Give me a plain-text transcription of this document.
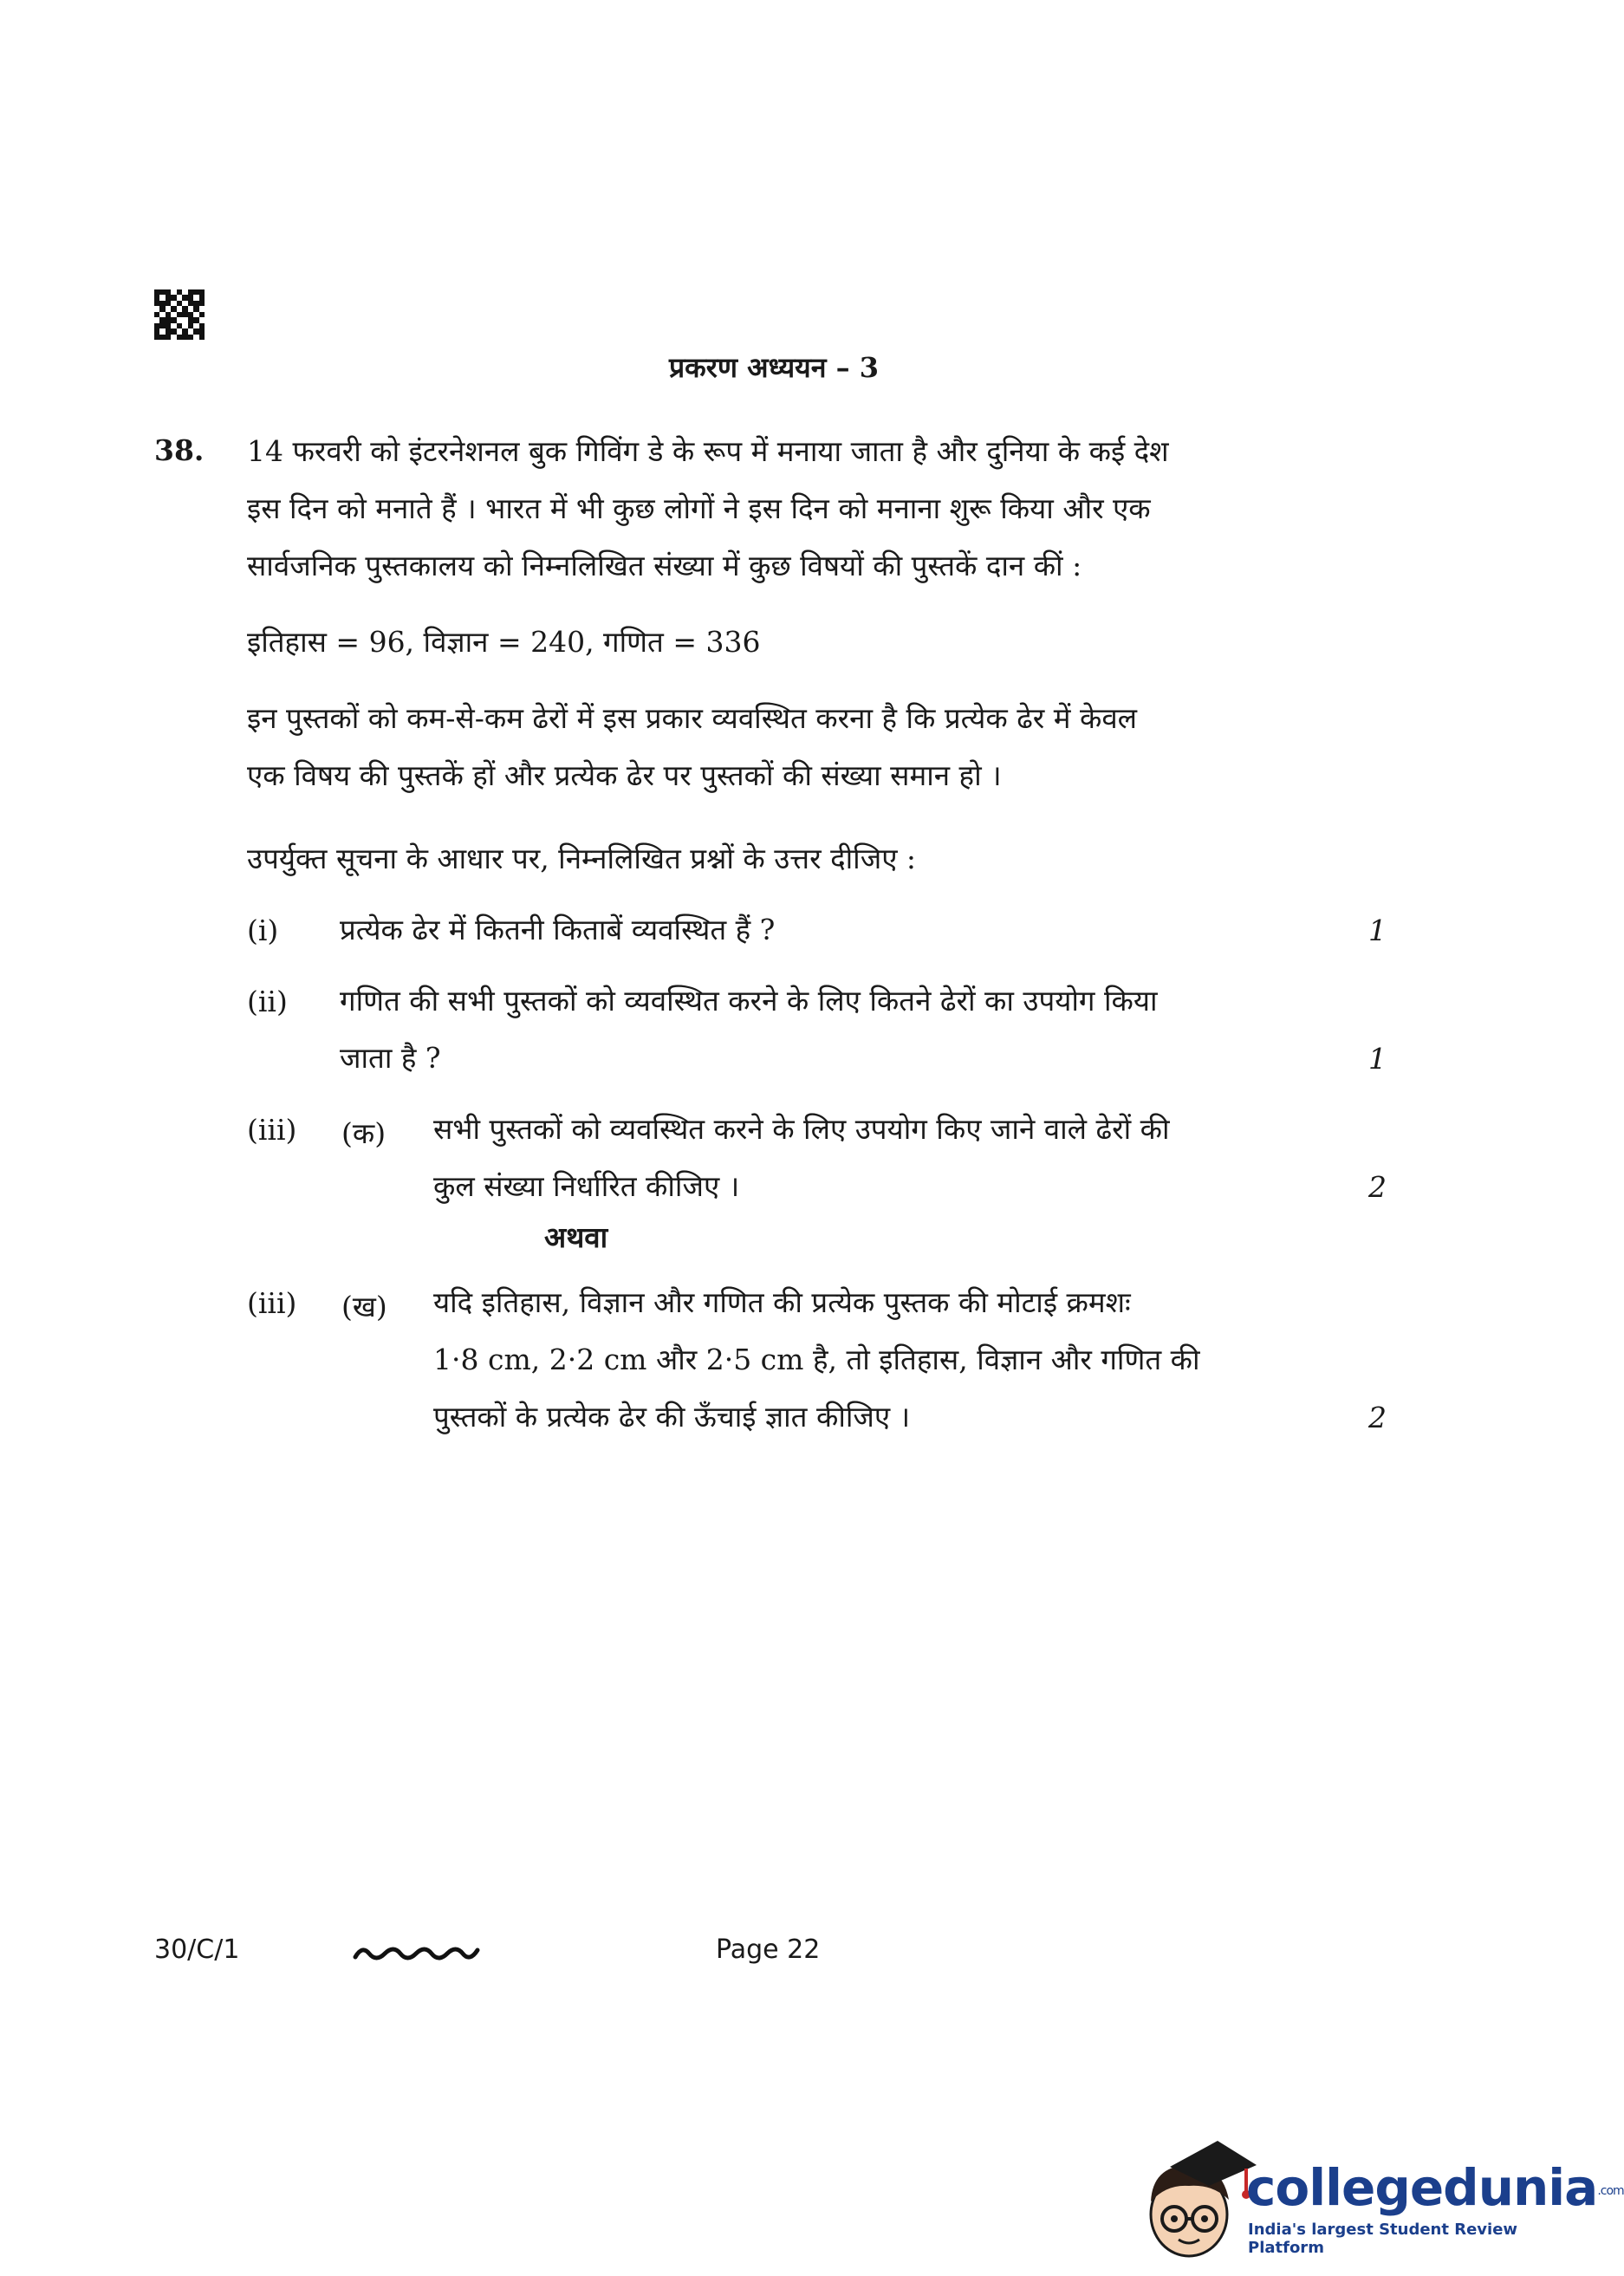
प्रकरण अध्ययन – 3
38. 14 फरवरी को इंटरनेशनल बुक गिविंग डे के रूप में मनाया जाता है और दुनिया के कई देश
इस दिन को मनाते हैं । भारत में भी कुछ लोगों ने इस दिन को मनाना शुरू किया और एक
सार्वजनिक पुस्तकालय को निम्नलिखित संख्या में कुछ विषयों की पुस्तकें दान कीं :
इतिहास = 96, विज्ञान = 240, गणित = 336
इन पुस्तकों को कम-से-कम ढेरों में इस प्रकार व्यवस्थित करना है कि प्रत्येक ढेर में केवल
एक विषय की पुस्तकें हों और प्रत्येक ढेर पर पुस्तकों की संख्या समान हो ।
उपर्युक्त सूचना के आधार पर, निम्नलिखित प्रश्नों के उत्तर दीजिए :
(i) प्रत्येक ढेर में कितनी किताबें व्यवस्थित हैं ?	1
(ii) गणित की सभी पुस्तकों को व्यवस्थित करने के लिए कितने ढेरों का उपयोग किया
जाता है ?	1
(iii) (क) सभी पुस्तकों को व्यवस्थित करने के लिए उपयोग किए जाने वाले ढेरों की
कुल संख्या निर्धारित कीजिए ।	2
अथवा
(iii) (ख) यदि इतिहास, विज्ञान और गणित की प्रत्येक पुस्तक की मोटाई क्रमशः
1·8 cm, 2·2 cm और 2·5 cm है, तो इतिहास, विज्ञान और गणित की
पुस्तकों के प्रत्येक ढेर की ऊँचाई ज्ञात कीजिए ।	2
30/C/1	Page 22
collegedunia.com
India's largest Student Review Platform
